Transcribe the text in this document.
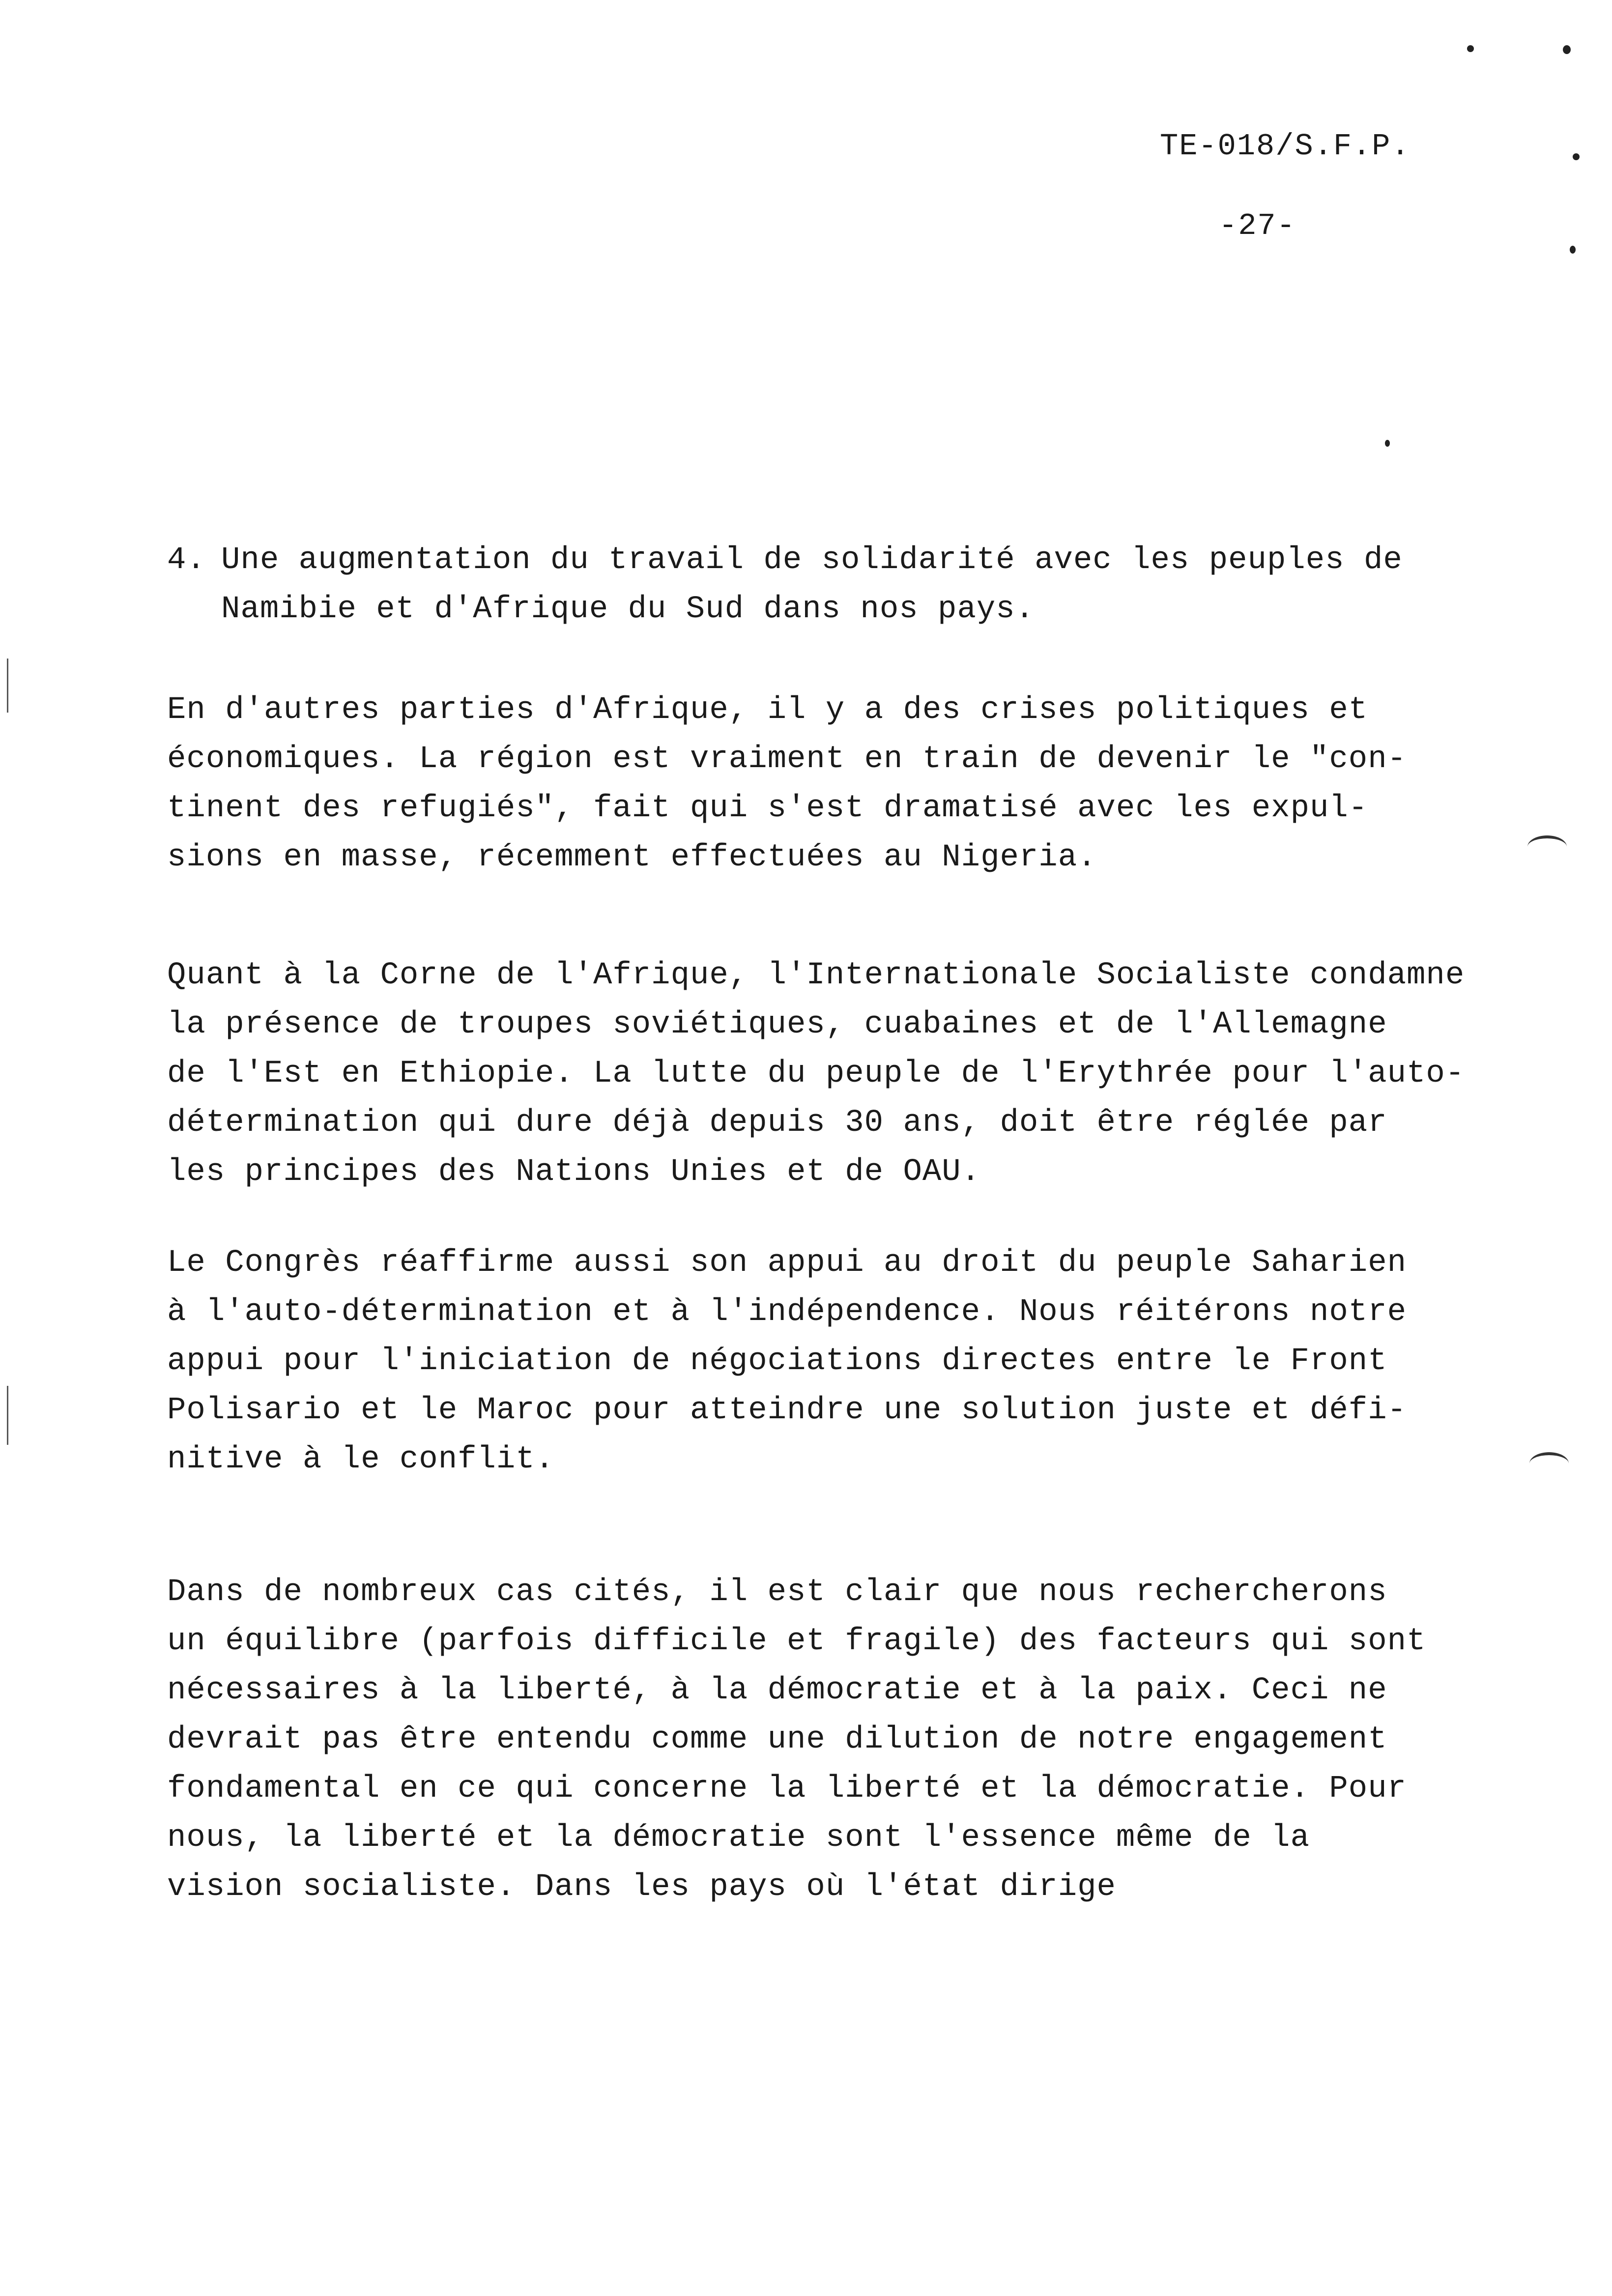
TE-018/S.F.P.
-27-
4. Une augmentation du travail de solidarité avec les peuples de
Namibie et d'Afrique du Sud dans nos pays.
En d'autres parties d'Afrique, il y a des crises politiques et
économiques. La région est vraiment en train de devenir le "con-
tinent des refugiés", fait qui s'est dramatisé avec les expul-
sions en masse, récemment effectuées au Nigeria.
Quant à la Corne de l'Afrique, l'Internationale Socialiste condamne
la présence de troupes soviétiques, cuabaines et de l'Allemagne
de l'Est en Ethiopie. La lutte du peuple de l'Erythrée pour l'auto-
détermination qui dure déjà depuis 30 ans, doit être réglée par
les principes des Nations Unies et de OAU.
Le Congrès réaffirme aussi son appui au droit du peuple Saharien
à l'auto-détermination et à l'indépendence. Nous réitérons notre
appui pour l'iniciation de négociations directes entre le Front
Polisario et le Maroc pour atteindre une solution juste et défi-
nitive à le conflit.
Dans de nombreux cas cités, il est clair que nous rechercherons
un équilibre (parfois difficile et fragile) des facteurs qui sont
nécessaires à la liberté, à la démocratie et à la paix. Ceci ne
devrait pas être entendu comme une dilution de notre engagement
fondamental en ce qui concerne la liberté et la démocratie. Pour
nous, la liberté et la démocratie sont l'essence même de la
vision socialiste. Dans les pays où l'état dirige
